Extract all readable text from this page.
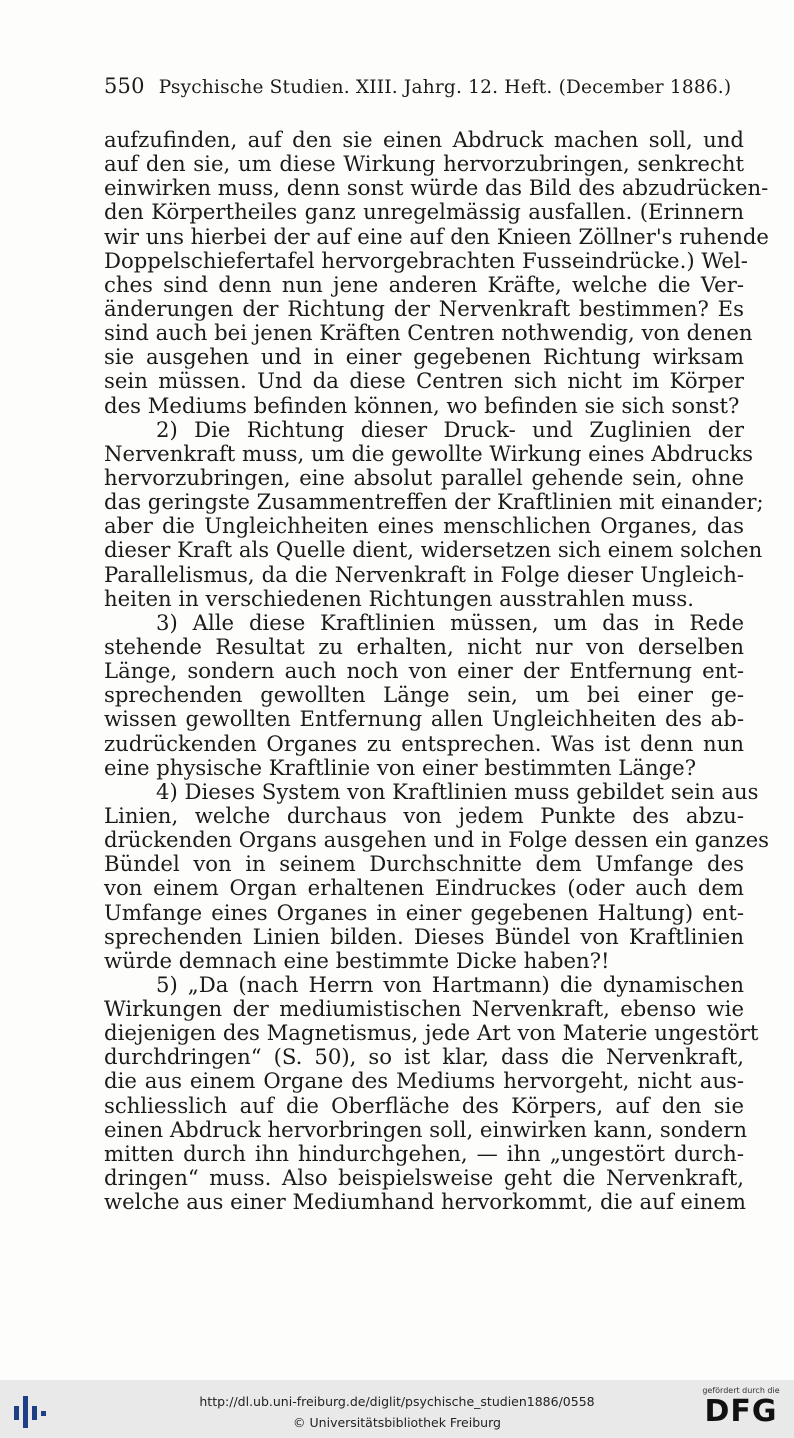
550 Psychische Studien. XIII. Jahrg. 12. Heft. (December 1886.)
aufzufinden, auf den sie einen Abdruck machen soll, und
auf den sie, um diese Wirkung hervorzubringen, senkrecht
einwirken muss, denn sonst würde das Bild des abzudrücken-
den Körpertheiles ganz unregelmässig ausfallen. (Erinnern
wir uns hierbei der auf eine auf den Knieen Zöllner's ruhende
Doppelschiefertafel hervorgebrachten Fusseindrücke.) Wel-
ches sind denn nun jene anderen Kräfte, welche die Ver-
änderungen der Richtung der Nervenkraft bestimmen? Es
sind auch bei jenen Kräften Centren nothwendig, von denen
sie ausgehen und in einer gegebenen Richtung wirksam
sein müssen. Und da diese Centren sich nicht im Körper
des Mediums befinden können, wo befinden sie sich sonst?
2) Die Richtung dieser Druck- und Zuglinien der
Nervenkraft muss, um die gewollte Wirkung eines Abdrucks
hervorzubringen, eine absolut parallel gehende sein, ohne
das geringste Zusammentreffen der Kraftlinien mit einander;
aber die Ungleichheiten eines menschlichen Organes, das
dieser Kraft als Quelle dient, widersetzen sich einem solchen
Parallelismus, da die Nervenkraft in Folge dieser Ungleich-
heiten in verschiedenen Richtungen ausstrahlen muss.
3) Alle diese Kraftlinien müssen, um das in Rede
stehende Resultat zu erhalten, nicht nur von derselben
Länge, sondern auch noch von einer der Entfernung ent-
sprechenden gewollten Länge sein, um bei einer ge-
wissen gewollten Entfernung allen Ungleichheiten des ab-
zudrückenden Organes zu entsprechen. Was ist denn nun
eine physische Kraftlinie von einer bestimmten Länge?
4) Dieses System von Kraftlinien muss gebildet sein aus
Linien, welche durchaus von jedem Punkte des abzu-
drückenden Organs ausgehen und in Folge dessen ein ganzes
Bündel von in seinem Durchschnitte dem Umfange des
von einem Organ erhaltenen Eindruckes (oder auch dem
Umfange eines Organes in einer gegebenen Haltung) ent-
sprechenden Linien bilden. Dieses Bündel von Kraftlinien
würde demnach eine bestimmte Dicke haben?!
5) „Da (nach Herrn von Hartmann) die dynamischen
Wirkungen der mediumistischen Nervenkraft, ebenso wie
diejenigen des Magnetismus, jede Art von Materie ungestört
durchdringen“ (S. 50), so ist klar, dass die Nervenkraft,
die aus einem Organe des Mediums hervorgeht, nicht aus-
schliesslich auf die Oberfläche des Körpers, auf den sie
einen Abdruck hervorbringen soll, einwirken kann, sondern
mitten durch ihn hindurchgehen, — ihn „ungestört durch-
dringen“ muss. Also beispielsweise geht die Nervenkraft,
welche aus einer Mediumhand hervorkommt, die auf einem
http://dl.ub.uni-freiburg.de/diglit/psychische_studien1886/0558
© Universitätsbibliothek Freiburg
gefördert durch die
DFG
